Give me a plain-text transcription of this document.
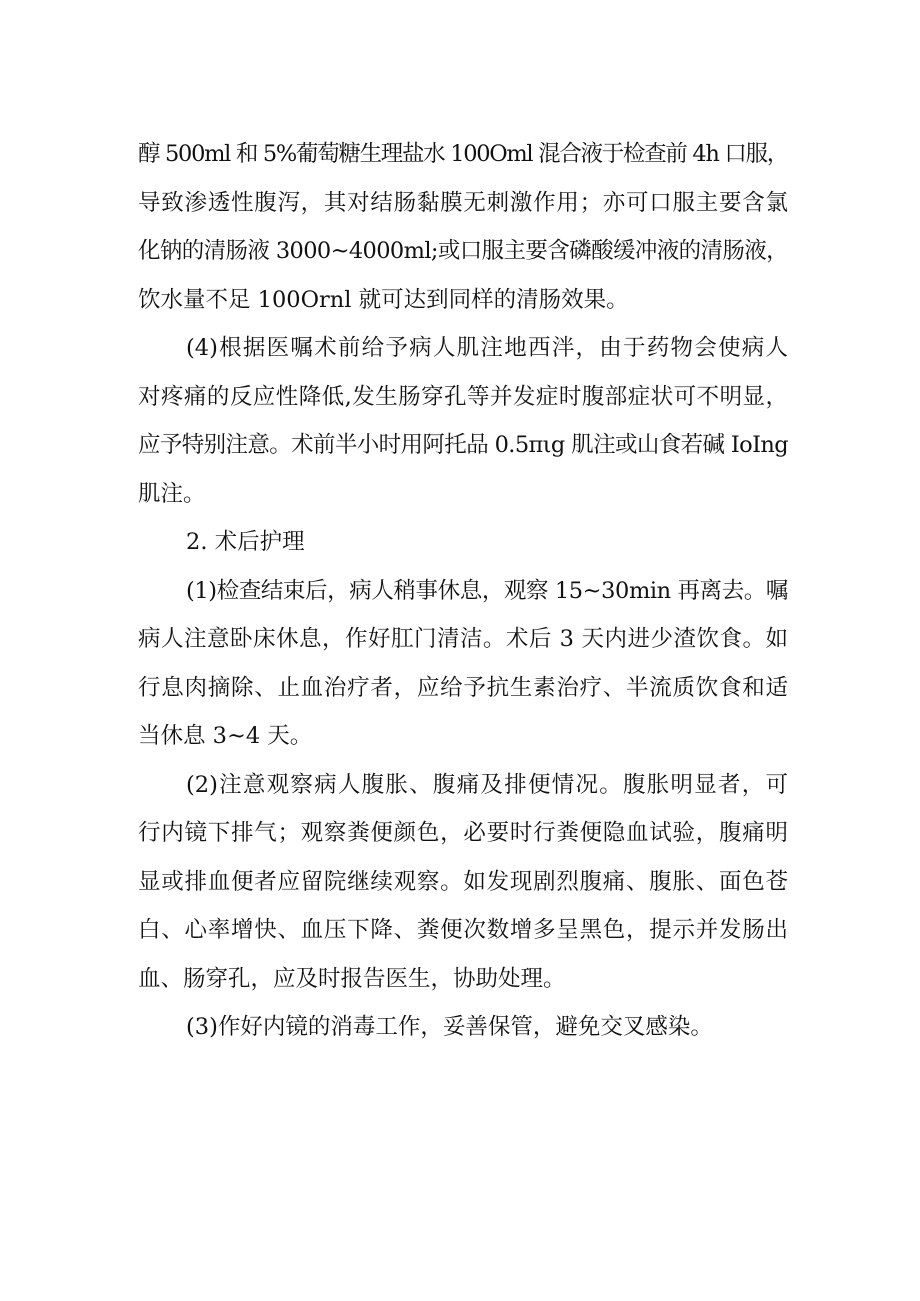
醇 500ml 和 5%葡萄糖生理盐水 100Oml 混合液于检查前 4h 口服，
导致渗透性腹泻，其对结肠黏膜无刺激作用；亦可口服主要含氯
化钠的清肠液 3000~4000ml;或口服主要含磷酸缓冲液的清肠液，
饮水量不足 100Ornl 就可达到同样的清肠效果。
(4)根据医嘱术前给予病人肌注地西泮，由于药物会使病人
对疼痛的反应性降低,发生肠穿孔等并发症时腹部症状可不明显，
应予特别注意。术前半小时用阿托品 0.5πιg 肌注或山食若碱 IoIng
肌注。
2. 术后护理
(1)检查结束后，病人稍事休息，观察 15~30min 再离去。嘱
病人注意卧床休息，作好肛门清洁。术后 3 天内进少渣饮食。如
行息肉摘除、止血治疗者，应给予抗生素治疗、半流质饮食和适
当休息 3~4 天。
(2)注意观察病人腹胀、腹痛及排便情况。腹胀明显者，可
行内镜下排气；观察粪便颜色，必要时行粪便隐血试验，腹痛明
显或排血便者应留院继续观察。如发现剧烈腹痛、腹胀、面色苍
白、心率增快、血压下降、粪便次数增多呈黑色，提示并发肠出
血、肠穿孔，应及时报告医生，协助处理。
(3)作好内镜的消毒工作，妥善保管，避免交叉感染。
